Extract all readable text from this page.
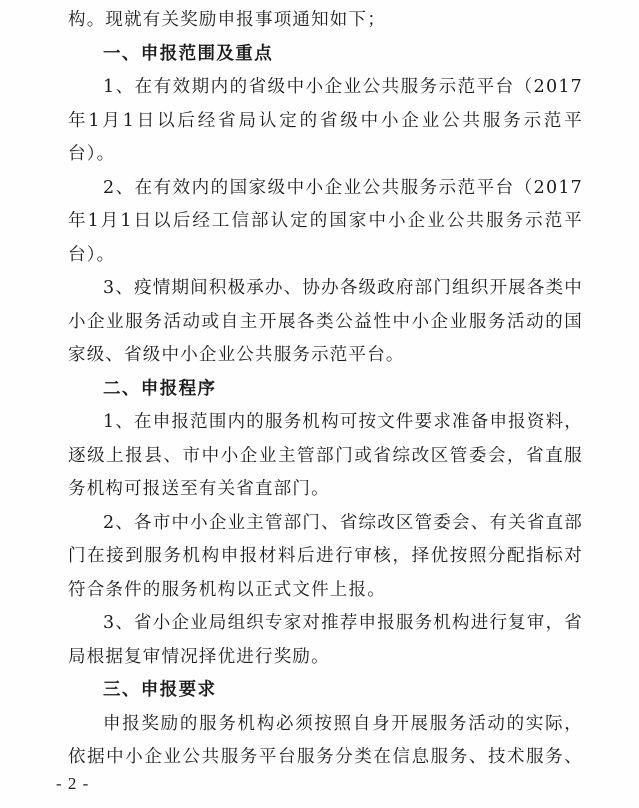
构。现就有关奖励申报事项通知如下；
一、申报范围及重点
1、在有效期内的省级中小企业公共服务示范平台（2017
年1月1日以后经省局认定的省级中小企业公共服务示范平
台）。
2、在有效内的国家级中小企业公共服务示范平台（2017
年1月1日以后经工信部认定的国家中小企业公共服务示范平
台）。
3、疫情期间积极承办、协办各级政府部门组织开展各类中
小企业服务活动或自主开展各类公益性中小企业服务活动的国
家级、省级中小企业公共服务示范平台。
二、申报程序
1、在申报范围内的服务机构可按文件要求准备申报资料，
逐级上报县、市中小企业主管部门或省综改区管委会，省直服
务机构可报送至有关省直部门。
2、各市中小企业主管部门、省综改区管委会、有关省直部
门在接到服务机构申报材料后进行审核，择优按照分配指标对
符合条件的服务机构以正式文件上报。
3、省小企业局组织专家对推荐申报服务机构进行复审，省
局根据复审情况择优进行奖励。
三、申报要求
申报奖励的服务机构必须按照自身开展服务活动的实际，
依据中小企业公共服务平台服务分类在信息服务、技术服务、
- 2 -
